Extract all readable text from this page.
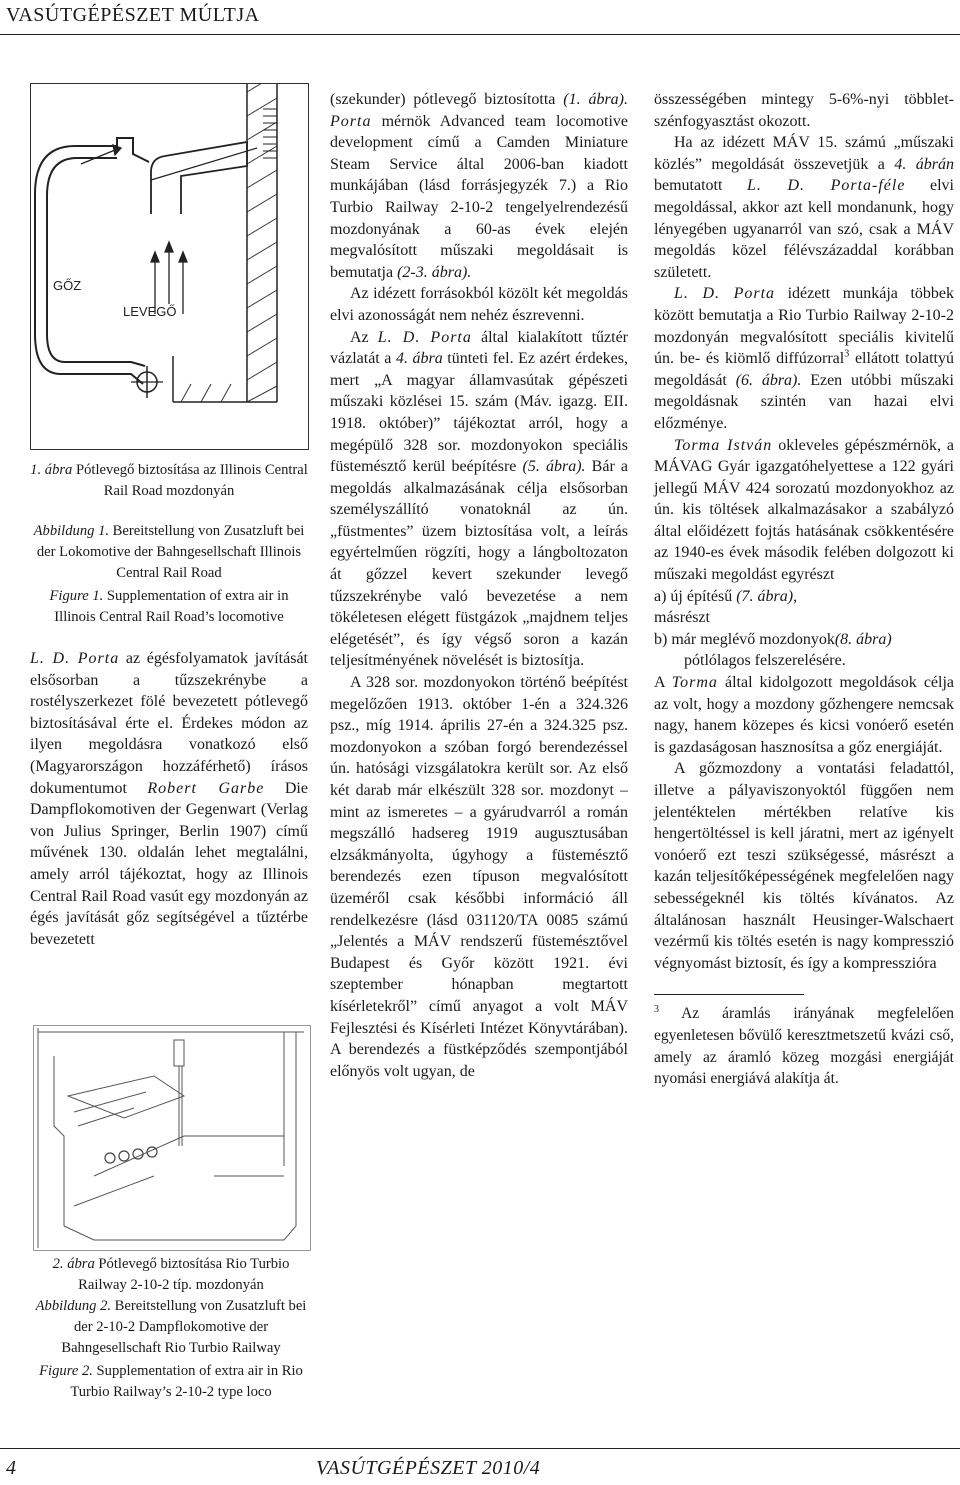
VASÚTGÉPÉSZET MÚLTJA
GŐZ
LEVEGŐ
1. ábra Pótlevegő biztosítása az Illinois Central Rail Road mozdonyán
Abbildung 1. Bereitstellung von Zusatzluft bei der Lokomotive der Bahngesellschaft Illinois Central Rail Road
Figure 1. Supplementation of extra air in Illinois Central Rail Road’s locomotive

L. D. Porta az égésfolyamatok javítását elsősorban a tűzszekrénybe a rostélyszerkezet fölé bevezetett pótlevegő biztosításával érte el. Érdekes módon az ilyen megoldásra vonatkozó első (Magyarországon hozzáférhető) írásos dokumentumot Robert Garbe Die Dampflokomotiven der Gegenwart (Verlag von Julius Springer, Berlin 1907) című művének 130. oldalán lehet megtalálni, amely arról tájékoztat, hogy az Illinois Central Rail Road vasút egy mozdonyán az égés javítását gőz segítségével a tűztérbe bevezetett

2. ábra Pótlevegő biztosítása Rio Turbio Railway 2-10-2 típ. mozdonyán
Abbildung 2. Bereitstellung von Zusatzluft bei der 2-10-2 Dampflokomotive der Bahngesellschaft Rio Turbio Railway
Figure 2. Supplementation of extra air in Rio Turbio Railway’s 2-10-2 type loco

(szekunder) pótlevegő biztosította (1. ábra). Porta mérnök Advanced team locomotive development című a Camden Miniature Steam Service által 2006-ban kiadott munkájában (lásd forrásjegyzék 7.) a Rio Turbio Railway 2-10-2 tengelyelrendezésű mozdonyának a 60-as évek elején megvalósított műszaki megoldásait is bemutatja (2-3. ábra).

Az idézett forrásokból közölt két megoldás elvi azonosságát nem nehéz észrevenni.

Az L. D. Porta által kialakított tűztér vázlatát a 4. ábra tünteti fel. Ez azért érdekes, mert „A magyar államvasútak gépészeti műszaki közlései 15. szám (Máv. igazg. EII. 1918. október)” tájékoztat arról, hogy a megépülő 328 sor. mozdonyokon speciális füstemésztő kerül beépítésre (5. ábra). Bár a megoldás alkalmazásának célja elsősorban személyszállító vonatoknál az ún. „füstmentes” üzem biztosítása volt, a leírás egyértelműen rögzíti, hogy a lángboltozaton át gőzzel kevert szekunder levegő tűzszekrénybe való bevezetése a nem tökéletesen elégett füstgázok „majdnem teljes elégetését”, és így végső soron a kazán teljesítményének növelését is biztosítja.

A 328 sor. mozdonyokon történő beépítést megelőzően 1913. október 1-én a 324.326 psz., míg 1914. április 27-én a 324.325 psz. mozdonyokon a szóban forgó berendezéssel ún. hatósági vizsgálatokra került sor. Az első két darab már elkészült 328 sor. mozdonyt – mint az ismeretes – a gyárudvarról a román megszálló hadsereg 1919 augusztusában elzsákmányolta, úgyhogy a füstemésztő berendezés ezen típuson megvalósított üzeméről csak későbbi információ áll rendelkezésre (lásd 031120/TA 0085 számú „Jelentés a MÁV rendszerű füstemésztővel Budapest és Győr között 1921. évi szeptember hónapban megtartott kísérletekről” című anyagot a volt MÁV Fejlesztési és Kísérleti Intézet Könyvtárában). A berendezés a füstképződés szempontjából előnyös volt ugyan, de

összességében mintegy 5-6%-nyi többlet-szénfogyasztást okozott.

Ha az idézett MÁV 15. számú „műszaki közlés” megoldását összevetjük a 4. ábrán bemutatott L. D. Porta-féle elvi megoldással, akkor azt kell mondanunk, hogy lényegében ugyanarról van szó, csak a MÁV megoldás közel félévszázaddal korábban született.

L. D. Porta idézett munkája többek között bemutatja a Rio Turbio Railway 2-10-2 mozdonyán megvalósított speciális kivitelű ún. be- és kiömlő diffúzorral$^3$ ellátott tolattyú megoldását (6. ábra). Ezen utóbbi műszaki megoldásnak szintén van hazai elvi előzménye.

Torma István okleveles gépészmérnök, a MÁVAG Gyár igazgatóhelyettese a 122 gyári jellegű MÁV 424 sorozatú mozdonyokhoz az ún. kis töltések alkalmazásakor a szabályzó által előidézett fojtás hatásának csökkentésére az 1940-es évek második felében dolgozott ki műszaki megoldást egyrészt

a) új építésű (7. ábra),

másrészt

b) már meglévő mozdonyok(8. ábra) pótlólagos felszerelésére.

A Torma által kidolgozott megoldások célja az volt, hogy a mozdony gőzhengere nemcsak nagy, hanem közepes és kicsi vonóerő esetén is gazdaságosan hasznosítsa a gőz energiáját.

A gőzmozdony a vontatási feladattól, illetve a pályaviszonyoktól függően nem jelentéktelen mértékben relatíve kis hengertöltéssel is kell járatni, mert az igényelt vonóerő ezt teszi szükségessé, másrészt a kazán teljesítőképességének megfelelően nagy sebességeknél kis töltés kívánatos. Az általánosan használt Heusinger-Walschaert vezérmű kis töltés esetén is nagy kompresszió végnyomást biztosít, és így a kompresszióra

$^3$ Az áramlás irányának megfelelően egyenletesen bővülő keresztmetszetű kvázi cső, amely az áramló közeg mozgási energiáját nyomási energiává alakítja át.

4	VASÚTGÉPÉSZET 2010/4
